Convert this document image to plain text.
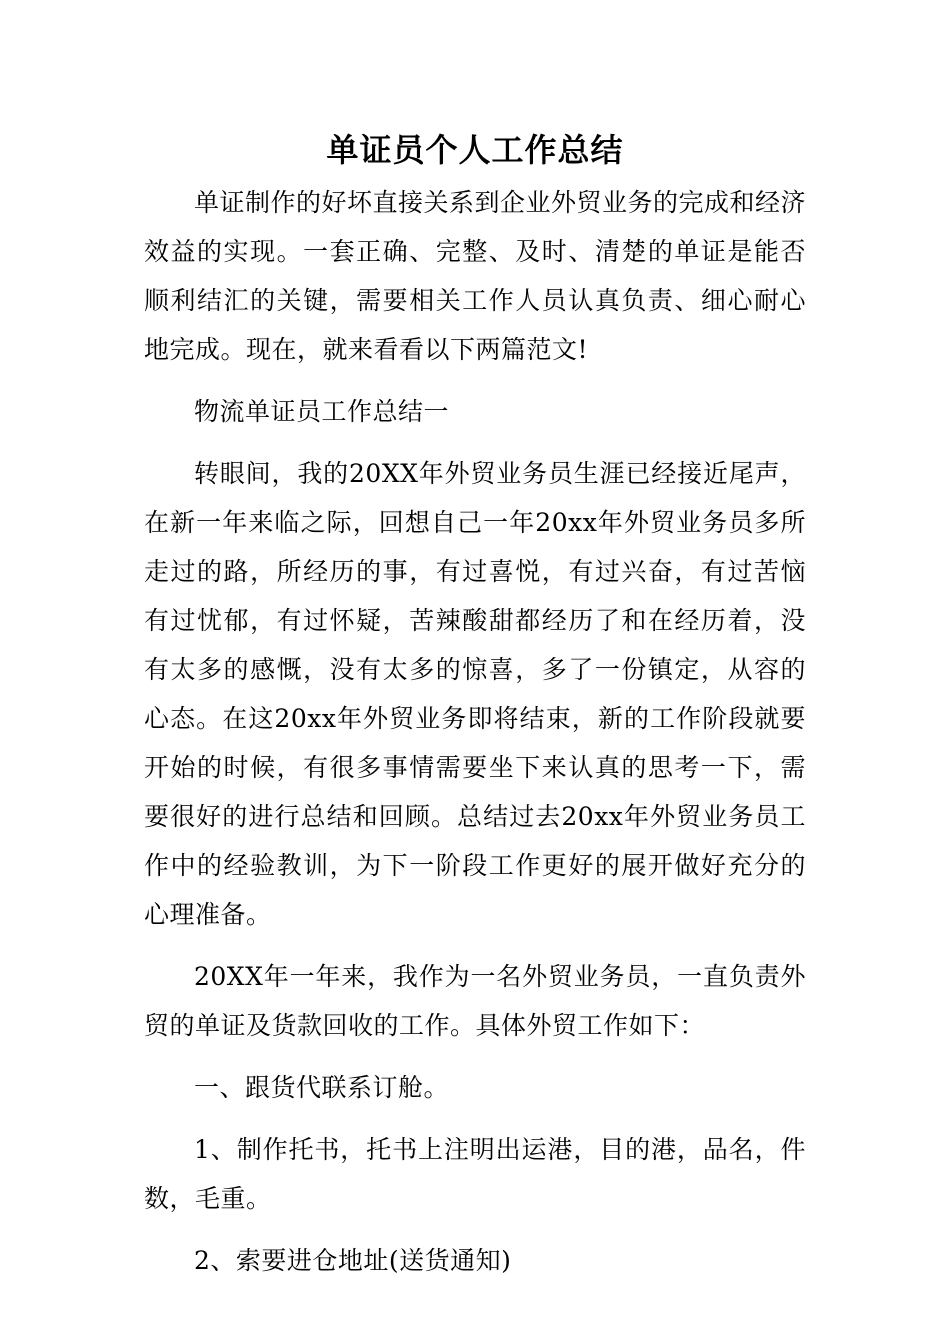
单证员个人工作总结

单证制作的好坏直接关系到企业外贸业务的完成和经济效益的实现。一套正确、完整、及时、清楚的单证是能否顺利结汇的关键，需要相关工作人员认真负责、细心耐心地完成。现在，就来看看以下两篇范文!

物流单证员工作总结一

转眼间，我的20XX年外贸业务员生涯已经接近尾声，在新一年来临之际，回想自己一年20xx年外贸业务员多所走过的路，所经历的事，有过喜悦，有过兴奋，有过苦恼有过忧郁，有过怀疑，苦辣酸甜都经历了和在经历着，没有太多的感慨，没有太多的惊喜，多了一份镇定，从容的心态。在这20xx年外贸业务即将结束，新的工作阶段就要开始的时候，有很多事情需要坐下来认真的思考一下，需要很好的进行总结和回顾。总结过去20xx年外贸业务员工作中的经验教训，为下一阶段工作更好的展开做好充分的心理准备。

20XX年一年来，我作为一名外贸业务员，一直负责外贸的单证及货款回收的工作。具体外贸工作如下：

一、跟货代联系订舱。

1、制作托书，托书上注明出运港，目的港，品名，件数，毛重。

2、索要进仓地址(送货通知)
